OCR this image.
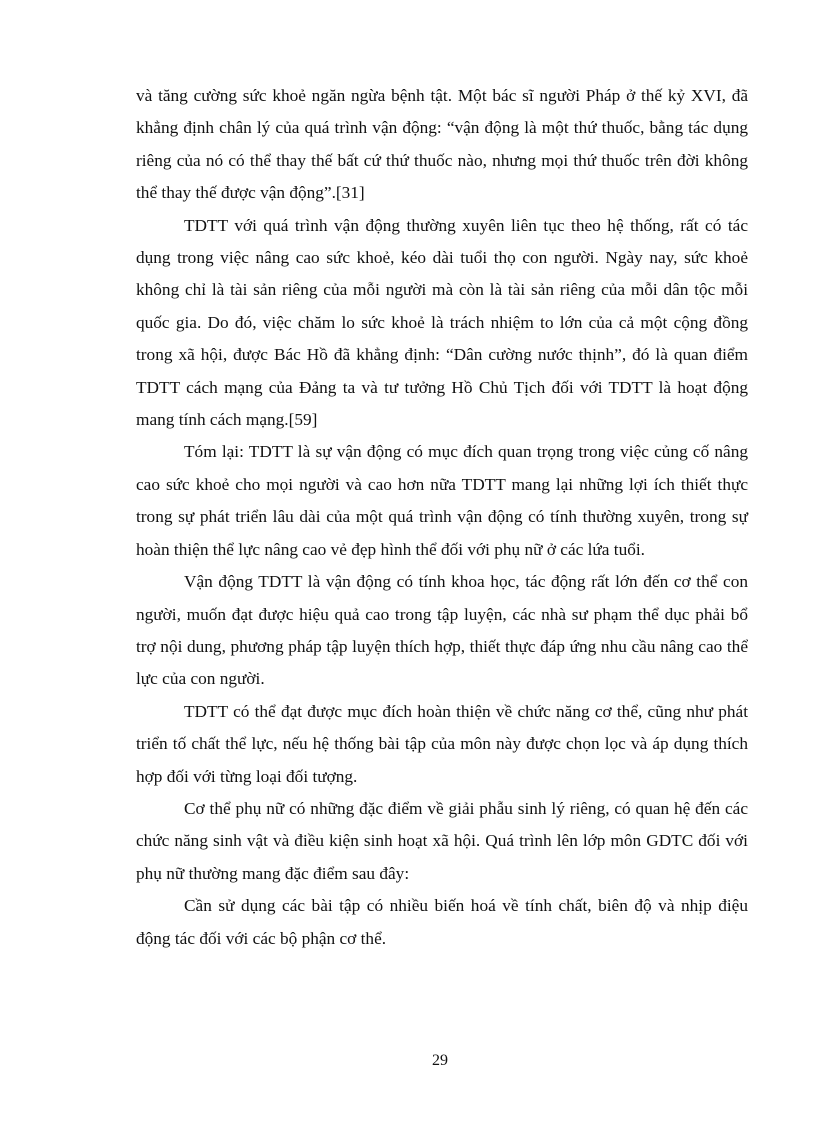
và tăng cường sức khoẻ ngăn ngừa bệnh tật. Một bác sĩ người Pháp ở thế kỷ XVI, đã khẳng định chân lý của quá trình vận động: “vận động là một thứ thuốc, bằng tác dụng riêng của nó có thể thay thế bất cứ thứ thuốc nào, nhưng mọi thứ thuốc trên đời không thể thay thế được vận động”.[31]

TDTT với quá trình vận động thường xuyên liên tục theo hệ thống, rất có tác dụng trong việc nâng cao sức khoẻ, kéo dài tuổi thọ con người. Ngày nay, sức khoẻ không chỉ là tài sản riêng của mỗi người mà còn là tài sản riêng của mỗi dân tộc mỗi quốc gia. Do đó, việc chăm lo sức khoẻ là trách nhiệm to lớn của cả một cộng đồng trong xã hội, được Bác Hồ đã khẳng định: “Dân cường nước thịnh”, đó là quan điểm TDTT cách mạng của Đảng ta và tư tưởng Hồ Chủ Tịch đối với TDTT là hoạt động mang tính cách mạng.[59]

Tóm lại: TDTT là sự vận động có mục đích quan trọng trong việc củng cố nâng cao sức khoẻ cho mọi người và cao hơn nữa TDTT mang lại những lợi ích thiết thực trong sự phát triển lâu dài của một quá trình vận động có tính thường xuyên, trong sự hoàn thiện thể lực nâng cao vẻ đẹp hình thể đối với phụ nữ ở các lứa tuổi.

Vận động TDTT là vận động có tính khoa học, tác động rất lớn đến cơ thể con người, muốn đạt được hiệu quả cao trong tập luyện, các nhà sư phạm thể dục phải bổ trợ nội dung, phương pháp tập luyện thích hợp, thiết thực đáp ứng nhu cầu nâng cao thể lực của con người.

TDTT có thể đạt được mục đích hoàn thiện về chức năng cơ thể, cũng như phát triển tố chất thể lực, nếu hệ thống bài tập của môn này được chọn lọc và áp dụng thích hợp đối với từng loại đối tượng.

Cơ thể phụ nữ có những đặc điểm về giải phẫu sinh lý riêng, có quan hệ đến các chức năng sinh vật và điều kiện sinh hoạt xã hội. Quá trình lên lớp môn GDTC đối với phụ nữ thường mang đặc điểm sau đây:

Cần sử dụng các bài tập có nhiều biến hoá về tính chất, biên độ và nhịp điệu động tác đối với các bộ phận cơ thể.

29
